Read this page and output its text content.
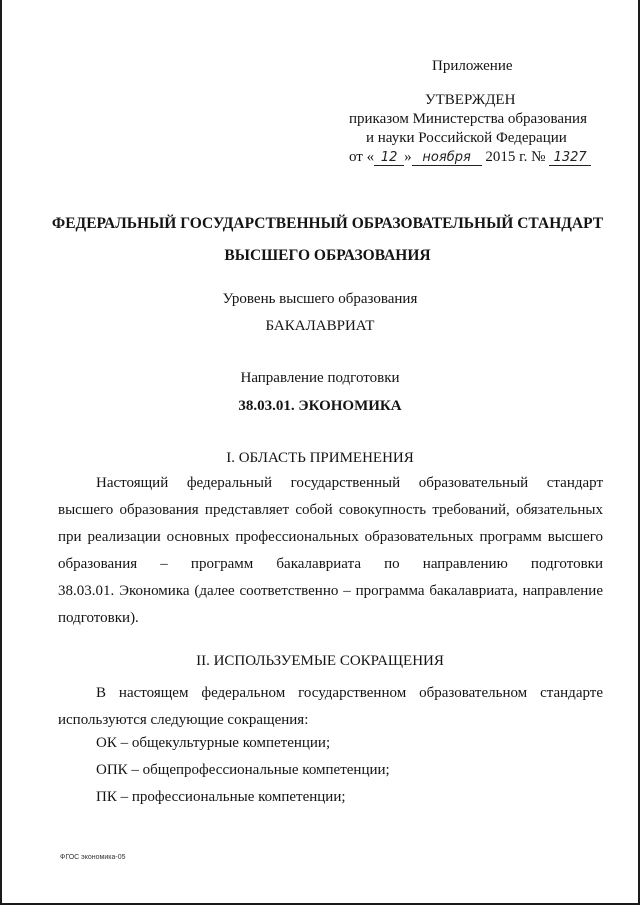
Приложение
УТВЕРЖДЕН
приказом Министерства образования
и науки Российской Федерации
от « 12 » ноября 2015 г. № 1327
ФЕДЕРАЛЬНЫЙ ГОСУДАРСТВЕННЫЙ ОБРАЗОВАТЕЛЬНЫЙ СТАНДАРТ
ВЫСШЕГО ОБРАЗОВАНИЯ
Уровень высшего образования
БАКАЛАВРИАТ
Направление подготовки
38.03.01. ЭКОНОМИКА
I. ОБЛАСТЬ ПРИМЕНЕНИЯ
Настоящий федеральный государственный образовательный стандарт
высшего образования представляет собой совокупность требований, обязательных
при реализации основных профессиональных образовательных программ высшего
образования – программ бакалавриата по направлению подготовки
38.03.01. Экономика (далее соответственно – программа бакалавриата, направление
подготовки).
II. ИСПОЛЬЗУЕМЫЕ СОКРАЩЕНИЯ
В настоящем федеральном государственном образовательном стандарте
используются следующие сокращения:
ОК – общекультурные компетенции;
ОПК – общепрофессиональные компетенции;
ПК – профессиональные компетенции;
ФГОС экономика-05
